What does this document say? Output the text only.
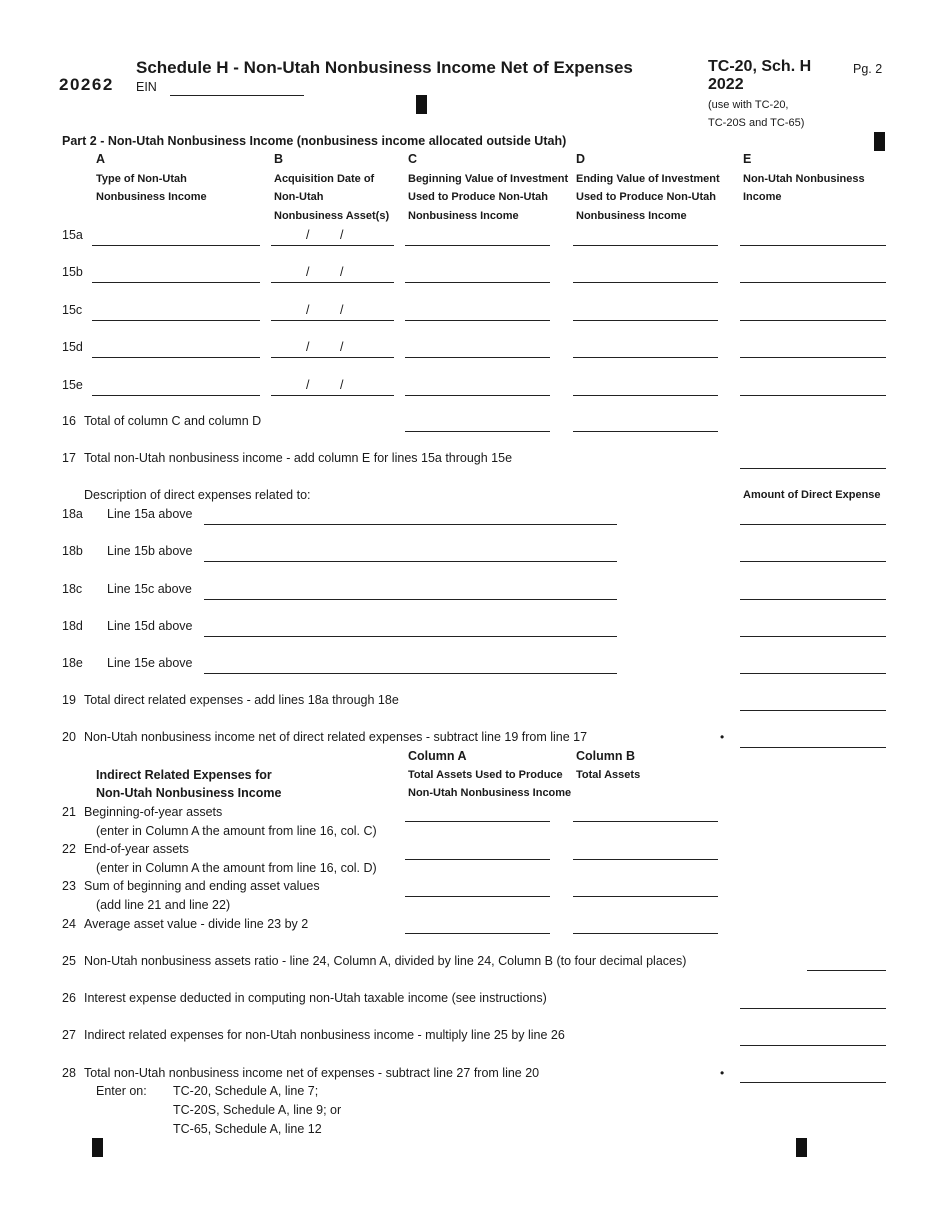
20262
Schedule H - Non-Utah Nonbusiness Income Net of Expenses
EIN
TC-20, Sch. H
2022
(use with TC-20,
TC-20S and TC-65)
Pg. 2
Part 2 - Non-Utah Nonbusiness Income (nonbusiness income allocated outside Utah)
A
Type of Non-Utah
Nonbusiness Income
B
Acquisition Date of
Non-Utah
Nonbusiness Asset(s)
C
Beginning Value of Investment
Used to Produce Non-Utah
Nonbusiness Income
D
Ending Value of Investment
Used to Produce Non-Utah
Nonbusiness Income
E
Non-Utah Nonbusiness
Income
15a	/ /
15b	/ /
15c	/ /
15d	/ /
15e	/ /
16 Total of column C and column D
17 Total non-Utah nonbusiness income - add column E for lines 15a through 15e
Description of direct expenses related to:	Amount of Direct Expense
18a Line 15a above
18b Line 15b above
18c Line 15c above
18d Line 15d above
18e Line 15e above
19 Total direct related expenses - add lines 18a through 18e
20 Non-Utah nonbusiness income net of direct related expenses - subtract line 19 from line 17	•
Column A	Column B
Indirect Related Expenses for
Non-Utah Nonbusiness Income
Total Assets Used to Produce
Non-Utah Nonbusiness Income
Total Assets
21 Beginning-of-year assets
(enter in Column A the amount from line 16, col. C)
22 End-of-year assets
(enter in Column A the amount from line 16, col. D)
23 Sum of beginning and ending asset values
(add line 21 and line 22)
24 Average asset value - divide line 23 by 2
25 Non-Utah nonbusiness assets ratio - line 24, Column A, divided by line 24, Column B (to four decimal places)
26 Interest expense deducted in computing non-Utah taxable income (see instructions)
27 Indirect related expenses for non-Utah nonbusiness income - multiply line 25 by line 26
28 Total non-Utah nonbusiness income net of expenses - subtract line 27 from line 20	•
Enter on: TC-20, Schedule A, line 7;
TC-20S, Schedule A, line 9; or
TC-65, Schedule A, line 12
